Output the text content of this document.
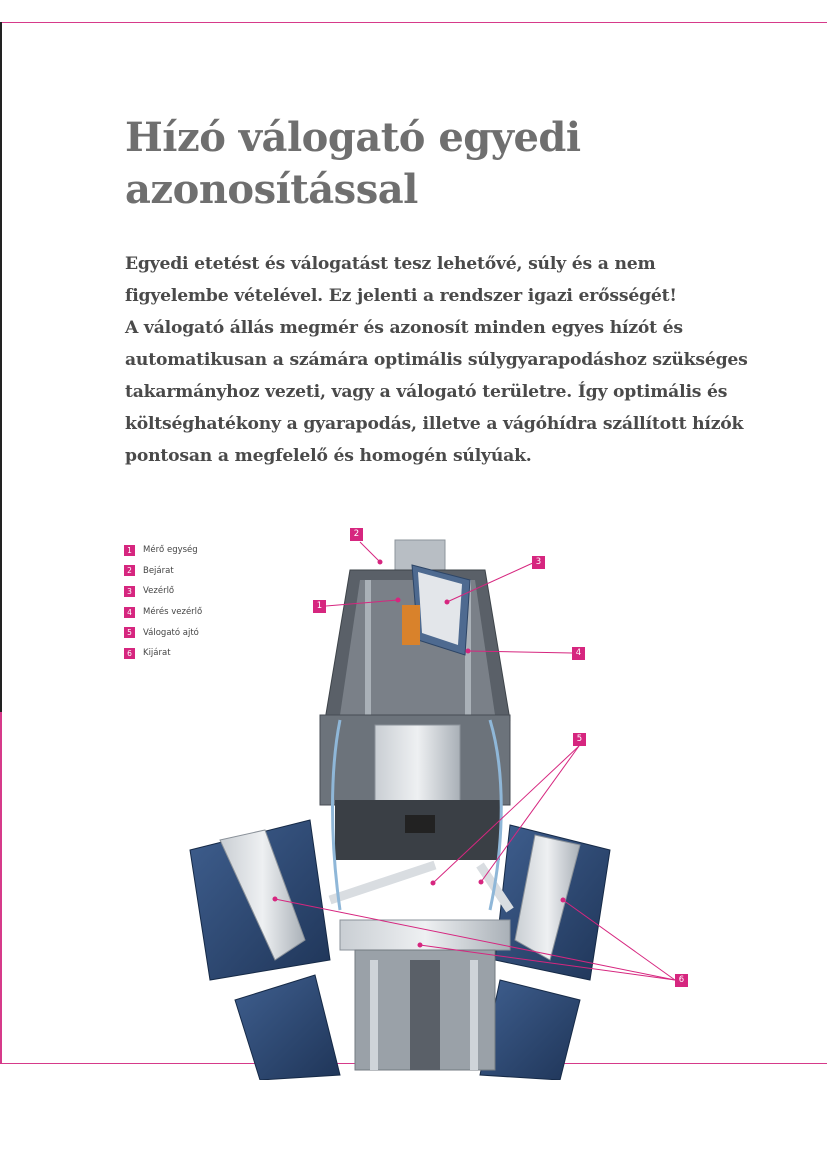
Hízó válogató egyedi
azonosítással

Egyedi etetést és válogatást tesz lehetővé, súly és a nem
figyelembe vételével. Ez jelenti a rendszer igazi erősségét!
A válogató állás megmér és azonosít minden egyes hízót és
automatikusan a számára optimális súlygyarapodáshoz szükséges
takarmányhoz vezeti, vagy a válogató területre. Így optimális és
költséghatékony a gyarapodás, illetve a vágóhídra szállított hízók
pontosan a megfelelő és homogén súlyúak.

1	Mérő egység
2	Bejárat
3	Vezérlő
4	Mérés vezérlő
5	Válogató ajtó
6	Kijárat
2
1
3
4
5
6
